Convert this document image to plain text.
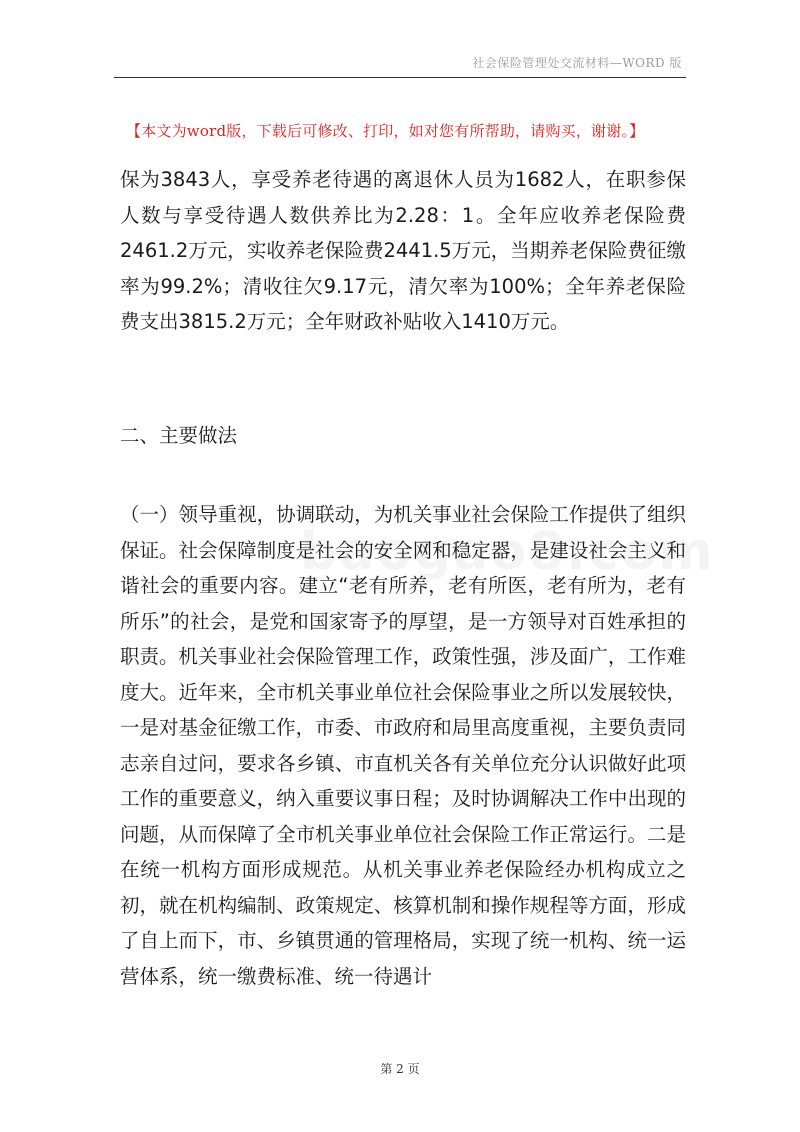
社会保险管理处交流材料—WORD 版
【本文为word版，下载后可修改、打印，如对您有所帮助，请购买，谢谢。】

保为3843人，享受养老待遇的离退休人员为1682人，在职参保人数与享受待遇人数供养比为2.28：1。全年应收养老保险费2461.2万元，实收养老保险费2441.5万元，当期养老保险费征缴率为99.2%；清收往欠9.17元，清欠率为100%；全年养老保险费支出3815.2万元；全年财政补贴收入1410万元。

二、主要做法

（一）领导重视，协调联动，为机关事业社会保险工作提供了组织保证。社会保障制度是社会的安全网和稳定器，是建设社会主义和谐社会的重要内容。建立“老有所养，老有所医，老有所为，老有所乐”的社会，是党和国家寄予的厚望，是一方领导对百姓承担的职责。机关事业社会保险管理工作，政策性强，涉及面广，工作难度大。近年来，全市机关事业单位社会保险事业之所以发展较快，一是对基金征缴工作，市委、市政府和局里高度重视，主要负责同志亲自过问，要求各乡镇、市直机关各有关单位充分认识做好此项工作的重要意义，纳入重要议事日程；及时协调解决工作中出现的问题，从而保障了全市机关事业单位社会保险工作正常运行。二是在统一机构方面形成规范。从机关事业养老保险经办机构成立之初，就在机构编制、政策规定、核算机制和操作规程等方面，形成了自上而下，市、乡镇贯通的管理格局，实现了统一机构、统一运营体系，统一缴费标准、统一待遇计

第 2 页
